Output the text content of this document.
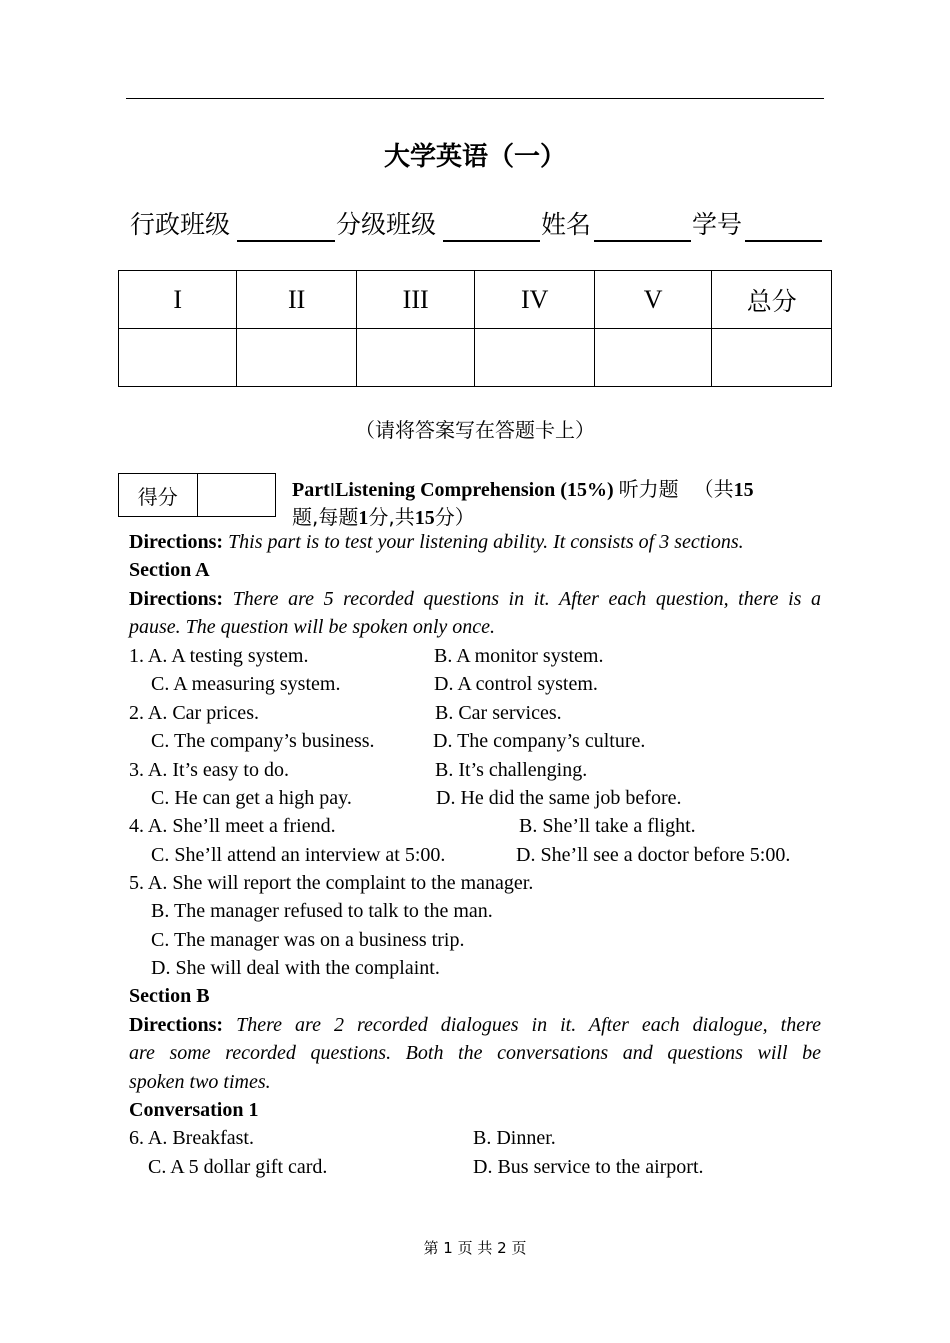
大学英语（一）
行政班级	分级班级	姓名	学号
I	II	III	IV	V	总分

（请将答案写在答题卡上）
得分		PartⅠListening Comprehension (15%) 听力题 （共15
题,每题1分,共15分）
Directions: This part is to test your listening ability. It consists of 3 sections.
Section A
Directions: There are 5 recorded questions in it. After each question, there is a
pause. The question will be spoken only once.
1. A. A testing system.	B. A monitor system.
C. A measuring system.	D. A control system.
2. A. Car prices.	B. Car services.
C. The company’s business.	D. The company’s culture.
3. A. It’s easy to do.	B. It’s challenging.
C. He can get a high pay.	D. He did the same job before.
4. A. She’ll meet a friend.	B. She’ll take a flight.
C. She’ll attend an interview at 5:00.	D. She’ll see a doctor before 5:00.
5. A. She will report the complaint to the manager.
B. The manager refused to talk to the man.
C. The manager was on a business trip.
D. She will deal with the complaint.
Section B
Directions: There are 2 recorded dialogues in it. After each dialogue, there
are some recorded questions. Both the conversations and questions will be
spoken two times.
Conversation 1
6. A. Breakfast.	B. Dinner.
C. A 5 dollar gift card.	D. Bus service to the airport.
第 1 页 共 2 页
